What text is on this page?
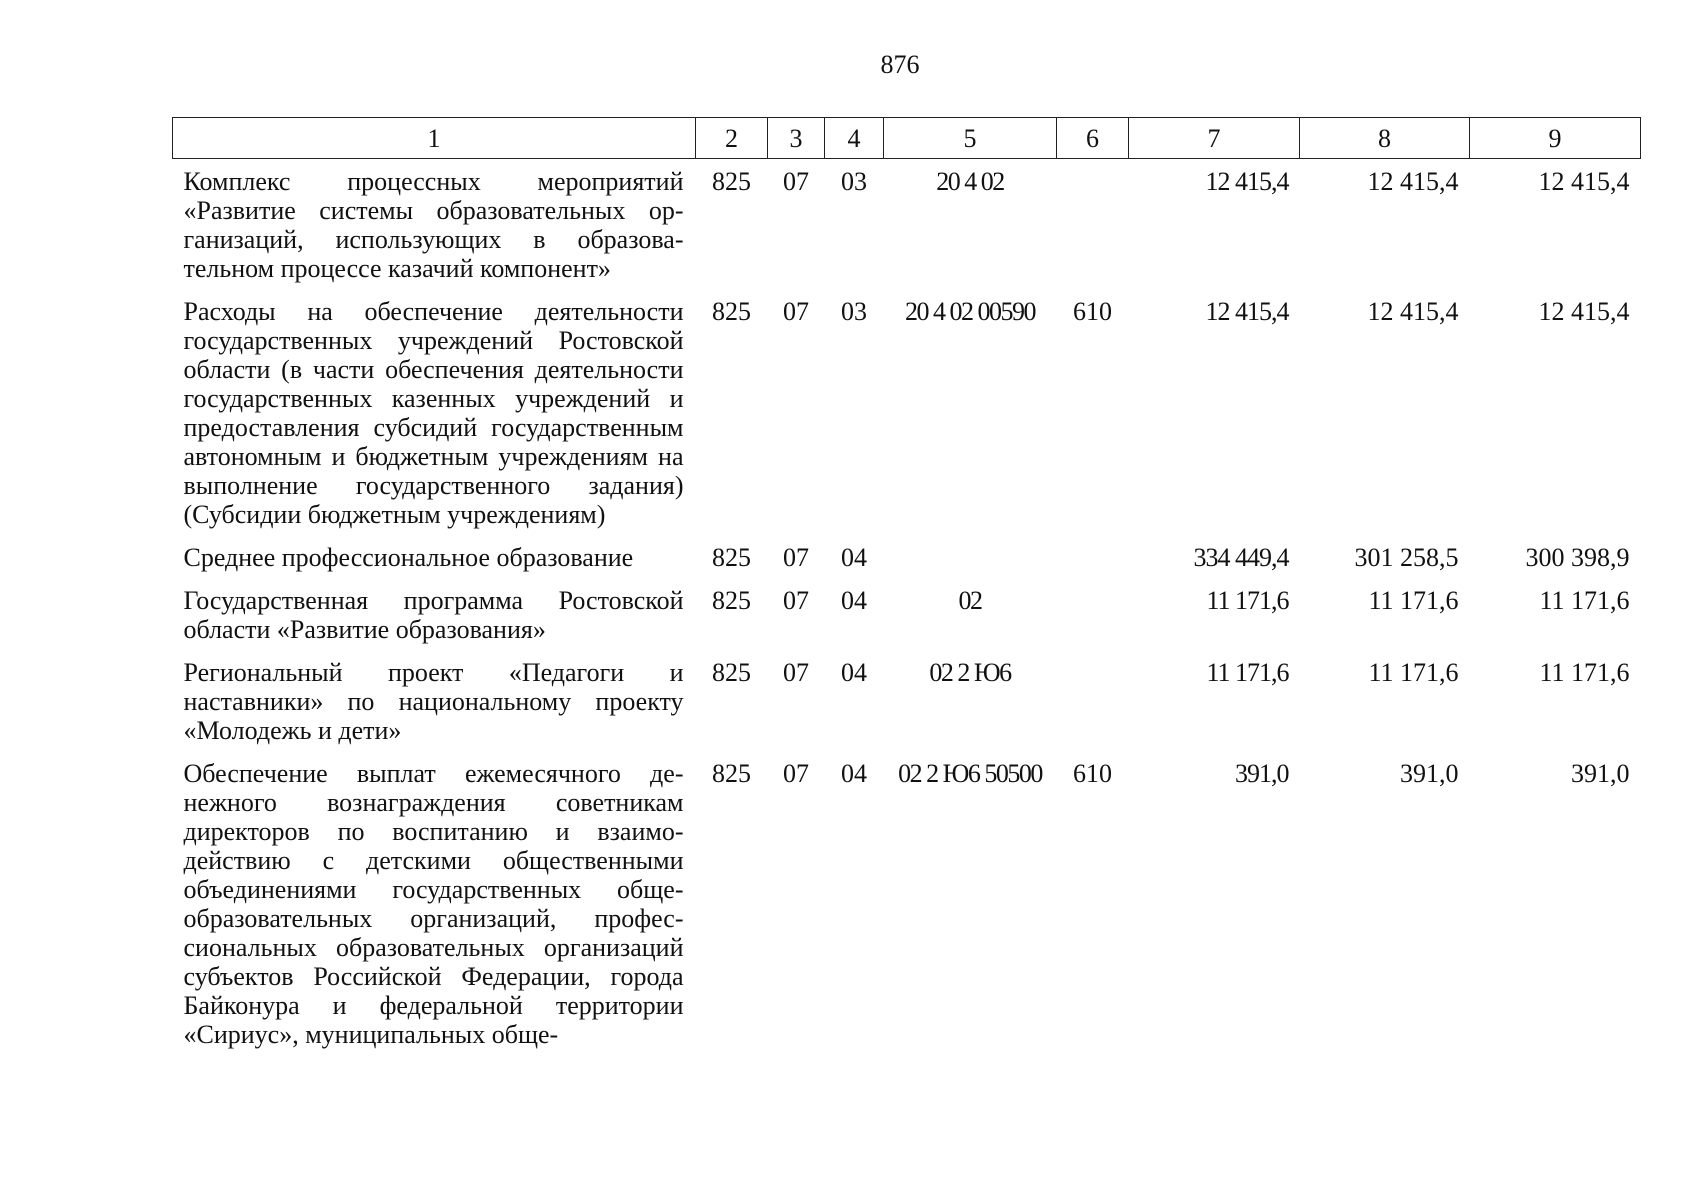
876
1	2	3	4	5	6	7	8	9
Комплекс процессных мероприятий «Развитие системы образовательных организаций, использующих в образовательном процессе казачий компонент»	825	07	03	20 4 02		12 415,4	12 415,4	12 415,4
Расходы на обеспечение деятельности государственных учреждений Ростовской области (в части обеспечения деятельности государственных казенных учреждений и предоставления субсидий государственным автономным и бюджетным учреждениям на выполнение государственного задания) (Субсидии бюджетным учреждениям)	825	07	03	20 4 02 00590	610	12 415,4	12 415,4	12 415,4
Среднее профессиональное образование	825	07	04			334 449,4	301 258,5	300 398,9
Государственная программа Ростовской области «Развитие образования»	825	07	04	02		11 171,6	11 171,6	11 171,6
Региональный проект «Педагоги и наставники» по национальному проекту «Молодежь и дети»	825	07	04	02 2 Ю6		11 171,6	11 171,6	11 171,6
Обеспечение выплат ежемесячного денежного вознаграждения советникам директоров по воспитанию и взаимодействию с детскими общественными объединениями государственных общеобразовательных организаций, профессиональных образовательных организаций субъектов Российской Федерации, города Байконура и федеральной территории «Сириус», муниципальных обще-	825	07	04	02 2 Ю6 50500	610	391,0	391,0	391,0
